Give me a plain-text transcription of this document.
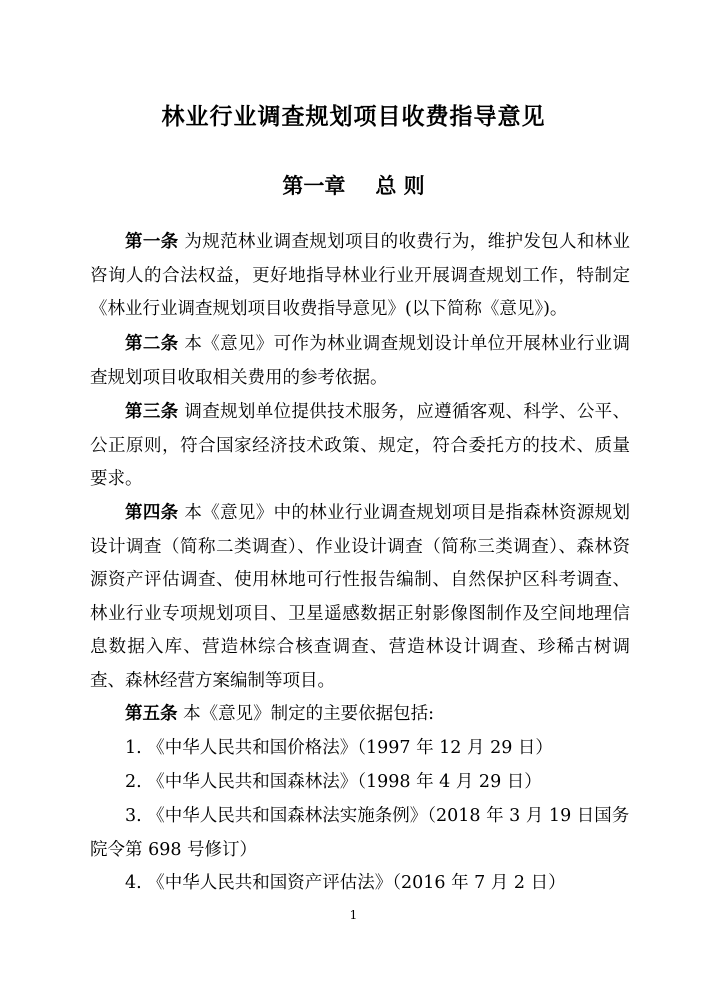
林业行业调查规划项目收费指导意见
第一章 总 则

第一条 为规范林业调查规划项目的收费行为，维护发包人和林业咨询人的合法权益，更好地指导林业行业开展调查规划工作，特制定《林业行业调查规划项目收费指导意见》(以下简称《意见》)。

第二条 本《意见》可作为林业调查规划设计单位开展林业行业调查规划项目收取相关费用的参考依据。

第三条 调查规划单位提供技术服务，应遵循客观、科学、公平、公正原则，符合国家经济技术政策、规定，符合委托方的技术、质量要求。

第四条 本《意见》中的林业行业调查规划项目是指森林资源规划设计调查（简称二类调查）、作业设计调查（简称三类调查）、森林资源资产评估调查、使用林地可行性报告编制、自然保护区科考调查、林业行业专项规划项目、卫星遥感数据正射影像图制作及空间地理信息数据入库、营造林综合核查调查、营造林设计调查、珍稀古树调查、森林经营方案编制等项目。

第五条 本《意见》制定的主要依据包括:

1. 《中华人民共和国价格法》（1997 年 12 月 29 日）
2. 《中华人民共和国森林法》（1998 年 4 月 29 日）
3. 《中华人民共和国森林法实施条例》（2018 年 3 月 19 日国务院令第 698 号修订）
4. 《中华人民共和国资产评估法》（2016 年 7 月 2 日）
1
